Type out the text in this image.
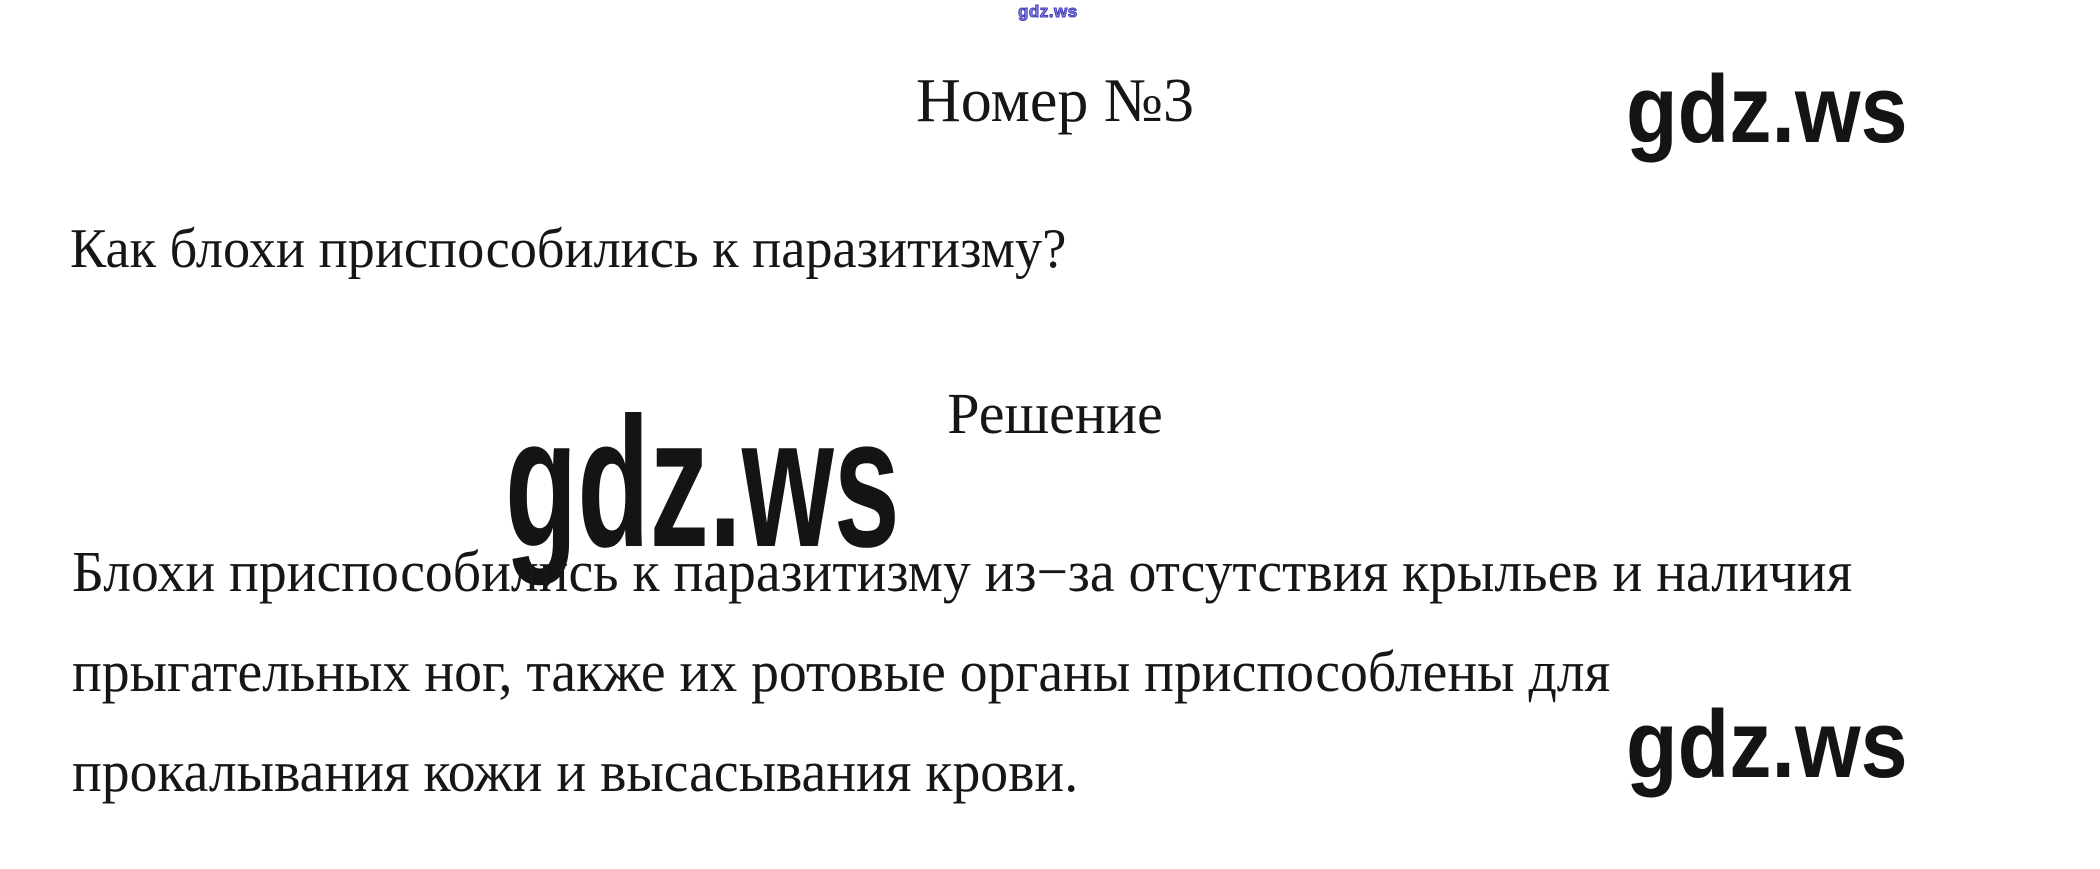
gdz.ws
Номер №3	gdz.ws
Как блохи приспособились к паразитизму?
Решение
gdz.ws
Блохи приспособились к паразитизму из−за отсутствия крыльев и наличия
прыгательных ног, также их ротовые органы приспособлены для
прокалывания кожи и высасывания крови.	gdz.ws
